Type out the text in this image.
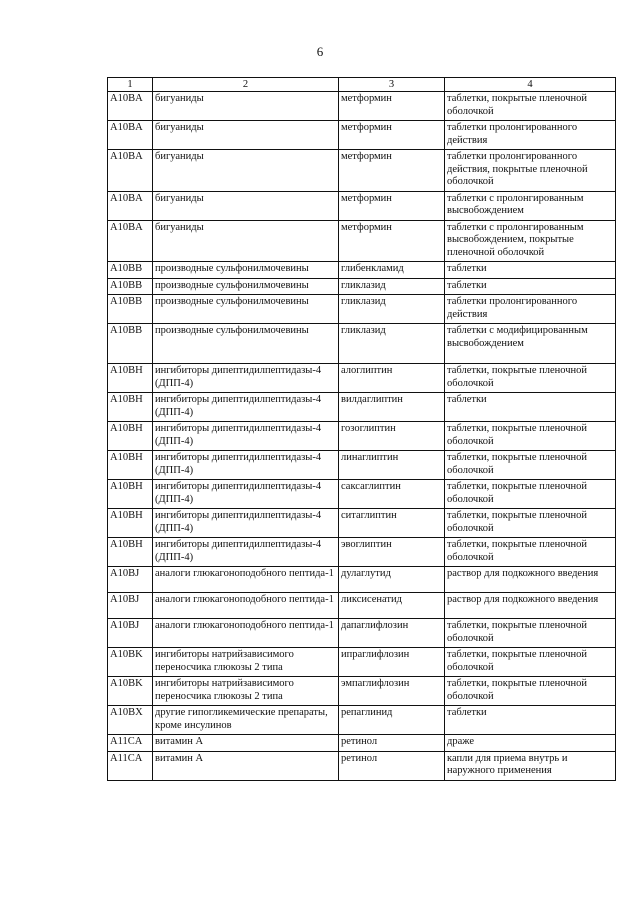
6
1	2	3	4
A10BA	бигуаниды	метформин	таблетки, покрытые пленочной оболочкой
A10BA	бигуаниды	метформин	таблетки пролонгированного действия
A10BA	бигуаниды	метформин	таблетки пролонгированного действия, покрытые пленочной оболочкой
A10BA	бигуаниды	метформин	таблетки с пролонгированным высвобождением
A10BA	бигуаниды	метформин	таблетки с пролонгированным высвобождением, покрытые пленочной оболочкой
A10BB	производные сульфонилмочевины	глибенкламид	таблетки
A10BB	производные сульфонилмочевины	гликлазид	таблетки
A10BB	производные сульфонилмочевины	гликлазид	таблетки пролонгированного действия
A10BB	производные сульфонилмочевины	гликлазид	таблетки с модифицированным высвобождением
A10BH	ингибиторы дипептидилпептидазы-4 (ДПП-4)	алоглиптин	таблетки, покрытые пленочной оболочкой
A10BH	ингибиторы дипептидилпептидазы-4 (ДПП-4)	вилдаглиптин	таблетки
A10BH	ингибиторы дипептидилпептидазы-4 (ДПП-4)	гозоглиптин	таблетки, покрытые пленочной оболочкой
A10BH	ингибиторы дипептидилпептидазы-4 (ДПП-4)	линаглиптин	таблетки, покрытые пленочной оболочкой
A10BH	ингибиторы дипептидилпептидазы-4 (ДПП-4)	саксаглиптин	таблетки, покрытые пленочной оболочкой
A10BH	ингибиторы дипептидилпептидазы-4 (ДПП-4)	ситаглиптин	таблетки, покрытые пленочной оболочкой
A10BH	ингибиторы дипептидилпептидазы-4 (ДПП-4)	эвоглиптин	таблетки, покрытые пленочной оболочкой
A10BJ	аналоги глюкагоноподобного пептида-1	дулаглутид	раствор для подкожного введения
A10BJ	аналоги глюкагоноподобного пептида-1	ликсисенатид	раствор для подкожного введения
A10BJ	аналоги глюкагоноподобного пептида-1	дапаглифлозин	таблетки, покрытые пленочной оболочкой
A10BK	ингибиторы натрийзависимого переносчика глюкозы 2 типа	ипраглифлозин	таблетки, покрытые пленочной оболочкой
A10BK	ингибиторы натрийзависимого переносчика глюкозы 2 типа	эмпаглифлозин	таблетки, покрытые пленочной оболочкой
A10BX	другие гипогликемические препараты, кроме инсулинов	репаглинид	таблетки
A11CA	витамин А	ретинол	драже
A11CA	витамин А	ретинол	капли для приема внутрь и наружного применения
